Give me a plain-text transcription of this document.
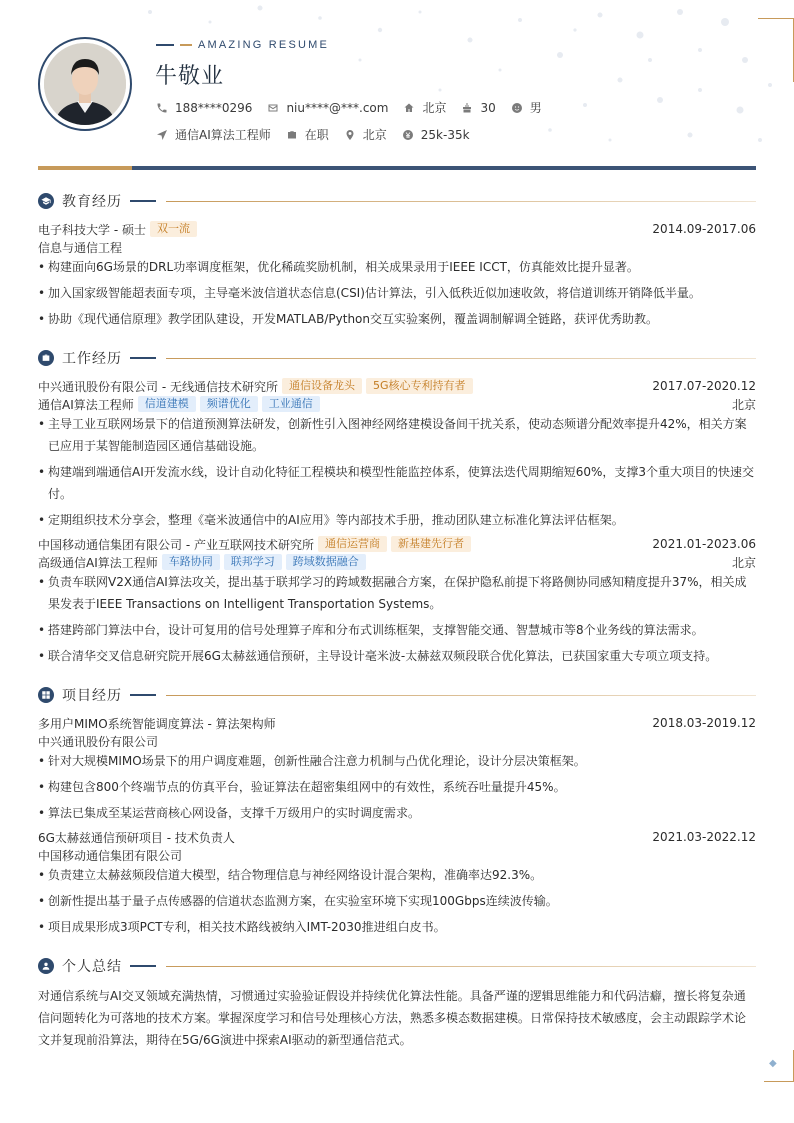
◆
AMAZING RESUME
牛敬业
188****0296	niu****@***.com	北京	30	男
通信AI算法工程师	在职	北京	25k-35k
教育经历
电子科技大学 - 硕士	双一流	2014.09-2017.06
信息与通信工程
• 构建面向6G场景的DRL功率调度框架，优化稀疏奖励机制，相关成果录用于IEEE ICCT，仿真能效比提升显著。
• 加入国家级智能超表面专项，主导毫米波信道状态信息(CSI)估计算法，引入低秩近似加速收敛，将信道训练开销降低半量。
• 协助《现代通信原理》教学团队建设，开发MATLAB/Python交互实验案例，覆盖调制解调全链路，获评优秀助教。
工作经历
中兴通讯股份有限公司 - 无线通信技术研究所	通信设备龙头	5G核心专利持有者	2017.07-2020.12
通信AI算法工程师	信道建模	频谱优化	工业通信	北京
• 主导工业互联网场景下的信道预测算法研发，创新性引入图神经网络建模设备间干扰关系，使动态频谱分配效率提升42%，相关方案已应用于某智能制造园区通信基础设施。
• 构建端到端通信AI开发流水线，设计自动化特征工程模块和模型性能监控体系，使算法迭代周期缩短60%，支撑3个重大项目的快速交付。
• 定期组织技术分享会，整理《毫米波通信中的AI应用》等内部技术手册，推动团队建立标准化算法评估框架。
中国移动通信集团有限公司 - 产业互联网技术研究所	通信运营商	新基建先行者	2021.01-2023.06
高级通信AI算法工程师	车路协同	联邦学习	跨域数据融合	北京
• 负责车联网V2X通信AI算法攻关，提出基于联邦学习的跨域数据融合方案，在保护隐私前提下将路侧协同感知精度提升37%，相关成果发表于IEEE Transactions on Intelligent Transportation Systems。
• 搭建跨部门算法中台，设计可复用的信号处理算子库和分布式训练框架，支撑智能交通、智慧城市等8个业务线的算法需求。
• 联合清华交叉信息研究院开展6G太赫兹通信预研，主导设计毫米波-太赫兹双频段联合优化算法，已获国家重大专项立项支持。
项目经历
多用户MIMO系统智能调度算法 - 算法架构师	2018.03-2019.12
中兴通讯股份有限公司
• 针对大规模MIMO场景下的用户调度难题，创新性融合注意力机制与凸优化理论，设计分层决策框架。
• 构建包含800个终端节点的仿真平台，验证算法在超密集组网中的有效性，系统吞吐量提升45%。
• 算法已集成至某运营商核心网设备，支撑千万级用户的实时调度需求。
6G太赫兹通信预研项目 - 技术负责人	2021.03-2022.12
中国移动通信集团有限公司
• 负责建立太赫兹频段信道大模型，结合物理信息与神经网络设计混合架构，准确率达92.3%。
• 创新性提出基于量子点传感器的信道状态监测方案，在实验室环境下实现100Gbps连续波传输。
• 项目成果形成3项PCT专利，相关技术路线被纳入IMT-2030推进组白皮书。
个人总结
对通信系统与AI交叉领域充满热情，习惯通过实验验证假设并持续优化算法性能。具备严谨的逻辑思维能力和代码洁癖，擅长将复杂通信问题转化为可落地的技术方案。掌握深度学习和信号处理核心方法，熟悉多模态数据建模。日常保持技术敏感度，会主动跟踪学术论文并复现前沿算法，期待在5G/6G演进中探索AI驱动的新型通信范式。
